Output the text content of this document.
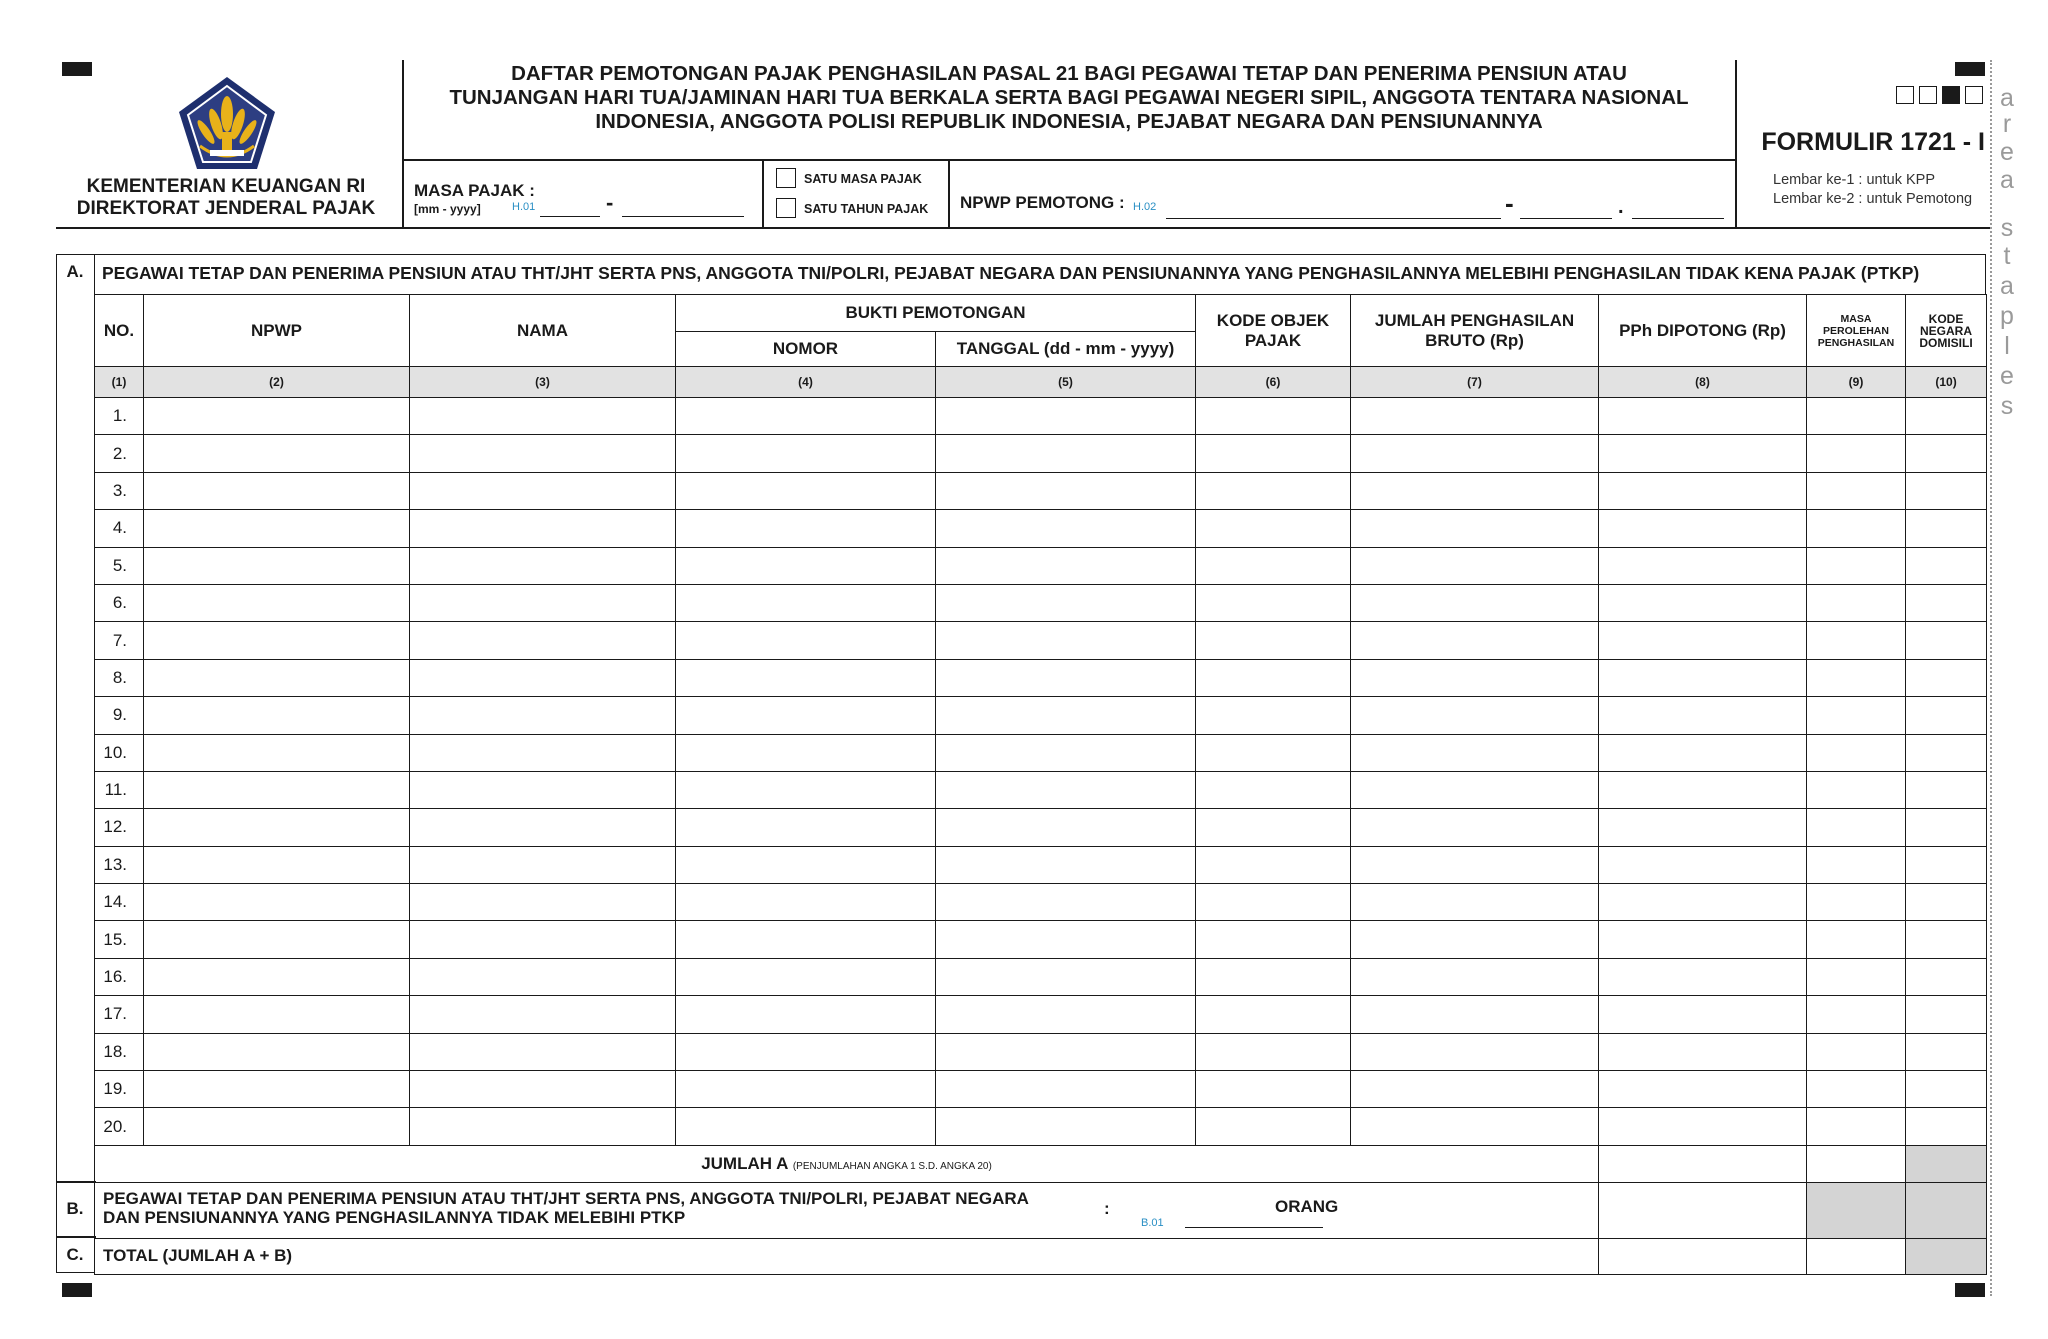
a
r
e
a
s
t
a
p
l
e
s
KEMENTERIAN KEUANGAN RI
DIREKTORAT JENDERAL PAJAK
DAFTAR PEMOTONGAN PAJAK PENGHASILAN PASAL 21 BAGI PEGAWAI TETAP DAN PENERIMA PENSIUN ATAU
TUNJANGAN HARI TUA/JAMINAN HARI TUA BERKALA SERTA BAGI PEGAWAI NEGERI SIPIL, ANGGOTA TENTARA NASIONAL
INDONESIA, ANGGOTA POLISI REPUBLIK INDONESIA, PEJABAT NEGARA DAN PENSIUNANNYA
FORMULIR 1721 - I
Lembar ke-1 : untuk KPP
Lembar ke-2 : untuk Pemotong
MASA PAJAK :
[mm - yyyy]	H.01	-
SATU MASA PAJAK
SATU TAHUN PAJAK NPWP PEMOTONG : H.02	-	.
A.
B.
C.
PEGAWAI TETAP DAN PENERIMA PENSIUN ATAU THT/JHT SERTA PNS, ANGGOTA TNI/POLRI, PEJABAT NEGARA DAN PENSIUNANNYA YANG PENGHASILANNYA MELEBIHI PENGHASILAN TIDAK KENA PAJAK (PTKP)
NO.	NPWP	NAMA	BUKTI PEMOTONGAN		KODE OBJEK PAJAK	JUMLAH PENGHASILAN BRUTO (Rp)	PPh DIPOTONG (Rp)	MASA PEROLEHAN PENGHASILAN	KODE NEGARA DOMISILI	
			NOMOR	TANGGAL (dd - mm - yyyy)						
(1)	(2)	(3)	(4)	(5)	(6)	(7)	(8)	(9)	(10)	
1.										
2.										
3.										
4.										
5.										
6.										
7.										
8.										
9.										
10.										
11.										
12.										
13.										
14.										
15.										
16.										
17.										
18.										
19.										
20.										
JUMLAH A (PENJUMLAHAN ANGKA 1 S.D. ANGKA 20)										

PEGAWAI TETAP DAN PENERIMA PENSIUN ATAU THT/JHT SERTA PNS, ANGGOTA TNI/POLRI, PEJABAT NEGARA
DAN PENSIUNANNYA YANG PENGHASILANNYA TIDAK MELEBIHI PTKP :
B.01
ORANG										

TOTAL (JUMLAH A + B)										
